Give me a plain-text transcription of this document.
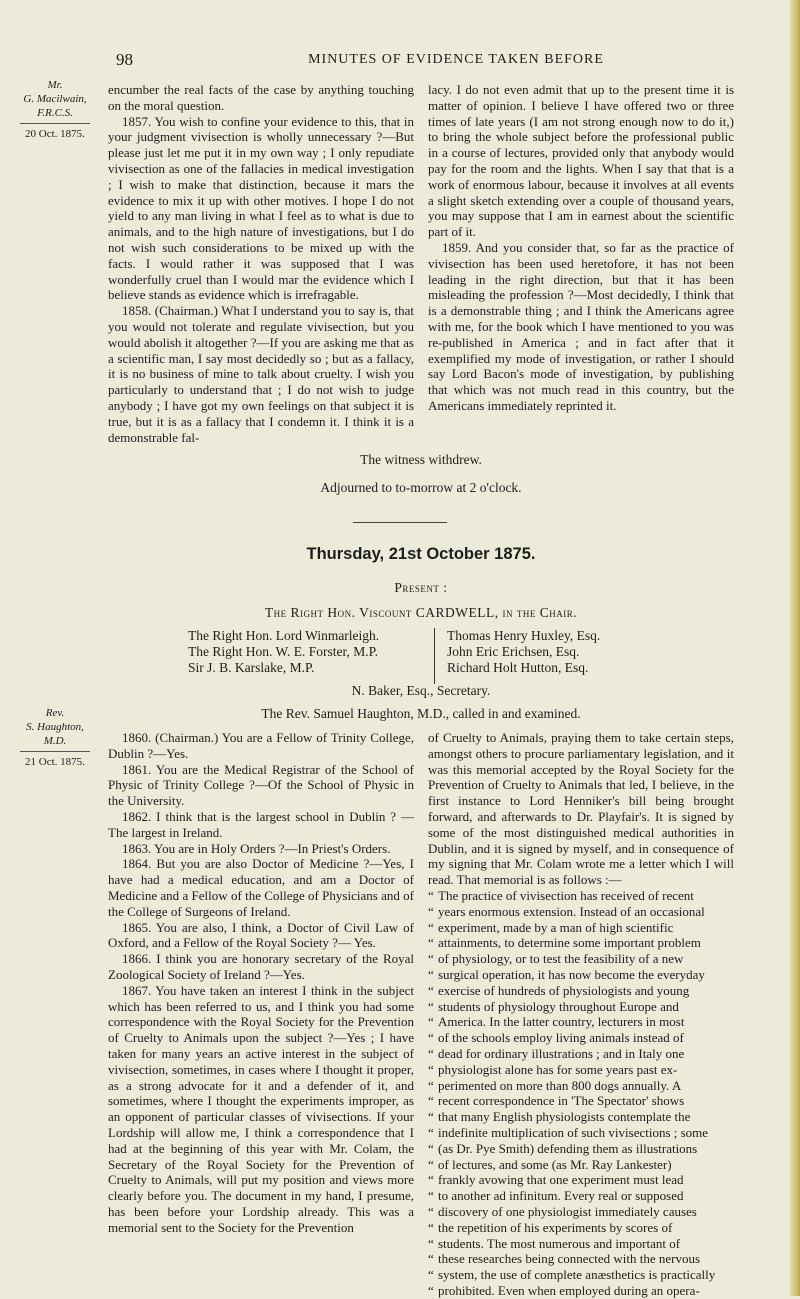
98	MINUTES OF EVIDENCE TAKEN BEFORE
Mr.
G. Macilwain,
F.R.C.S.
20 Oct. 1875.

encumber the real facts of the case by anything touching on the moral question.

1857. You wish to confine your evidence to this, that in your judgment vivisection is wholly unnecessary ?—But please just let me put it in my own way ; I only repudiate vivisection as one of the fallacies in medical investigation ; I wish to make that distinction, because it mars the evidence to mix it up with other motives. I hope I do not yield to any man living in what I feel as to what is due to animals, and to the high nature of investigations, but I do not wish such considerations to be mixed up with the facts. I would rather it was supposed that I was wonderfully cruel than I would mar the evidence which I believe stands as evidence which is irrefragable.

1858. (Chairman.) What I understand you to say is, that you would not tolerate and regulate vivisection, but you would abolish it altogether ?—If you are asking me that as a scientific man, I say most decidedly so ; but as a fallacy, it is no business of mine to talk about cruelty. I wish you particularly to understand that ; I do not wish to judge anybody ; I have got my own feelings on that subject it is true, but it is as a fallacy that I condemn it. I think it is a demonstrable fal-

lacy. I do not even admit that up to the present time it is matter of opinion. I believe I have offered two or three times of late years (I am not strong enough now to do it,) to bring the whole subject before the professional public in a course of lectures, provided only that anybody would pay for the room and the lights. When I say that that is a work of enormous labour, because it involves at all events a slight sketch extending over a couple of thousand years, you may suppose that I am in earnest about the scientific part of it.

1859. And you consider that, so far as the practice of vivisection has been used heretofore, it has not been leading in the right direction, but that it has been misleading the profession ?—Most decidedly, I think that is a demonstrable thing ; and I think the Americans agree with me, for the book which I have mentioned to you was re-published in America ; and in fact after that it exemplified my mode of investigation, or rather I should say Lord Bacon's mode of investigation, by publishing that which was not much read in this country, but the Americans immediately reprinted it.

The witness withdrew.
Adjourned to to-morrow at 2 o'clock.
Thursday, 21st October 1875.
Present :
The Right Hon. Viscount CARDWELL, in the Chair.
The Right Hon. Lord Winmarleigh.
The Right Hon. W. E. Forster, M.P.
Sir J. B. Karslake, M.P.
Thomas Henry Huxley, Esq.
John Eric Erichsen, Esq.
Richard Holt Hutton, Esq.
N. Baker, Esq., Secretary.
The Rev. Samuel Haughton, M.D., called in and examined.
Rev.
S. Haughton,
M.D.
21 Oct. 1875.

1860. (Chairman.) You are a Fellow of Trinity College, Dublin ?—Yes.

1861. You are the Medical Registrar of the School of Physic of Trinity College ?—Of the School of Physic in the University.

1862. I think that is the largest school in Dublin ? —The largest in Ireland.

1863. You are in Holy Orders ?—In Priest's Orders.

1864. But you are also Doctor of Medicine ?—Yes, I have had a medical education, and am a Doctor of Medicine and a Fellow of the College of Physicians and of the College of Surgeons of Ireland.

1865. You are also, I think, a Doctor of Civil Law of Oxford, and a Fellow of the Royal Society ?— Yes.

1866. I think you are honorary secretary of the Royal Zoological Society of Ireland ?—Yes.

1867. You have taken an interest I think in the subject which has been referred to us, and I think you had some correspondence with the Royal Society for the Prevention of Cruelty to Animals upon the subject ?—Yes ; I have taken for many years an active interest in the subject of vivisection, sometimes, in cases where I thought it proper, as a strong advocate for it and a defender of it, and sometimes, where I thought the experiments improper, as an opponent of particular classes of vivisections. If your Lordship will allow me, I think a correspondence that I had at the beginning of this year with Mr. Colam, the Secretary of the Royal Society for the Prevention of Cruelty to Animals, will put my position and views more clearly before you. The document in my hand, I presume, has been before your Lordship already. This was a memorial sent to the Society for the Prevention

of Cruelty to Animals, praying them to take certain steps, amongst others to procure parliamentary legislation, and it was this memorial accepted by the Royal Society for the Prevention of Cruelty to Animals that led, I believe, in the first instance to Lord Henniker's bill being brought forward, and afterwards to Dr. Playfair's. It is signed by some of the most distinguished medical authorities in Dublin, and it is signed by myself, and in consequence of my signing that Mr. Colam wrote me a letter which I will read. That memorial is as follows :—

“ The practice of vivisection has received of recent
“ years enormous extension. Instead of an occasional
“ experiment, made by a man of high scientific
“ attainments, to determine some important problem
“ of physiology, or to test the feasibility of a new
“ surgical operation, it has now become the everyday
“ exercise of hundreds of physiologists and young
“ students of physiology throughout Europe and
“ America. In the latter country, lecturers in most
“ of the schools employ living animals instead of
“ dead for ordinary illustrations ; and in Italy one
“ physiologist alone has for some years past ex-
“ perimented on more than 800 dogs annually. A
“ recent correspondence in 'The Spectator' shows
“ that many English physiologists contemplate the
“ indefinite multiplication of such vivisections ; some
“ (as Dr. Pye Smith) defending them as illustrations
“ of lectures, and some (as Mr. Ray Lankester)
“ frankly avowing that one experiment must lead
“ to another ad infinitum. Every real or supposed
“ discovery of one physiologist immediately causes
“ the repetition of his experiments by scores of
“ students. The most numerous and important of
“ these researches being connected with the nervous
“ system, the use of complete anæsthetics is practically
“ prohibited. Even when employed during an opera-
